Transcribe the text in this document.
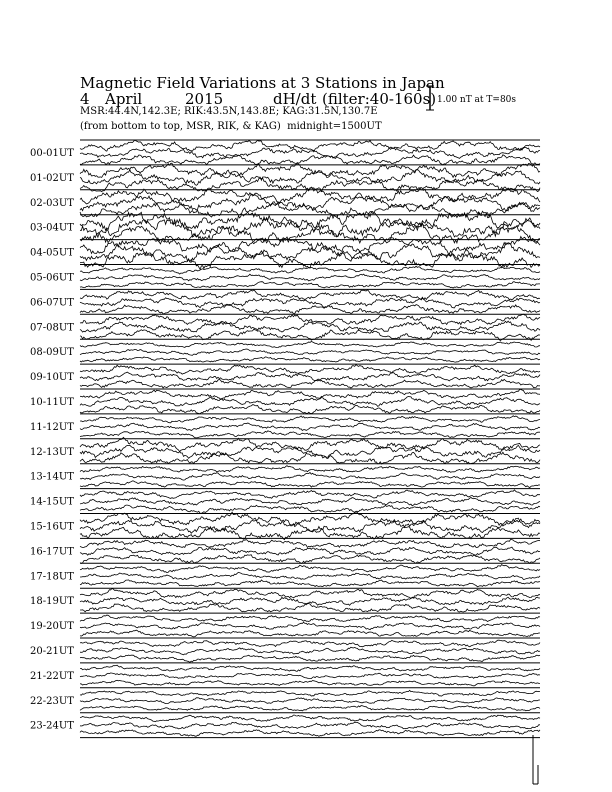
Magnetic Field Variations at 3 Stations in Japan
4 April	2015	dH/dt (filter:40-160s)
MSR:44.4N,142.3E; RIK:43.5N,143.8E; KAG:31.5N,130.7E
(from bottom to top, MSR, RIK, & KAG) midnight=1500UT
1.00 nT at T=80s
00-01UT
01-02UT
02-03UT
03-04UT
04-05UT
05-06UT
06-07UT
07-08UT
08-09UT
09-10UT
10-11UT
11-12UT
12-13UT
13-14UT
14-15UT
15-16UT
16-17UT
17-18UT
18-19UT
19-20UT
20-21UT
21-22UT
22-23UT
23-24UT
